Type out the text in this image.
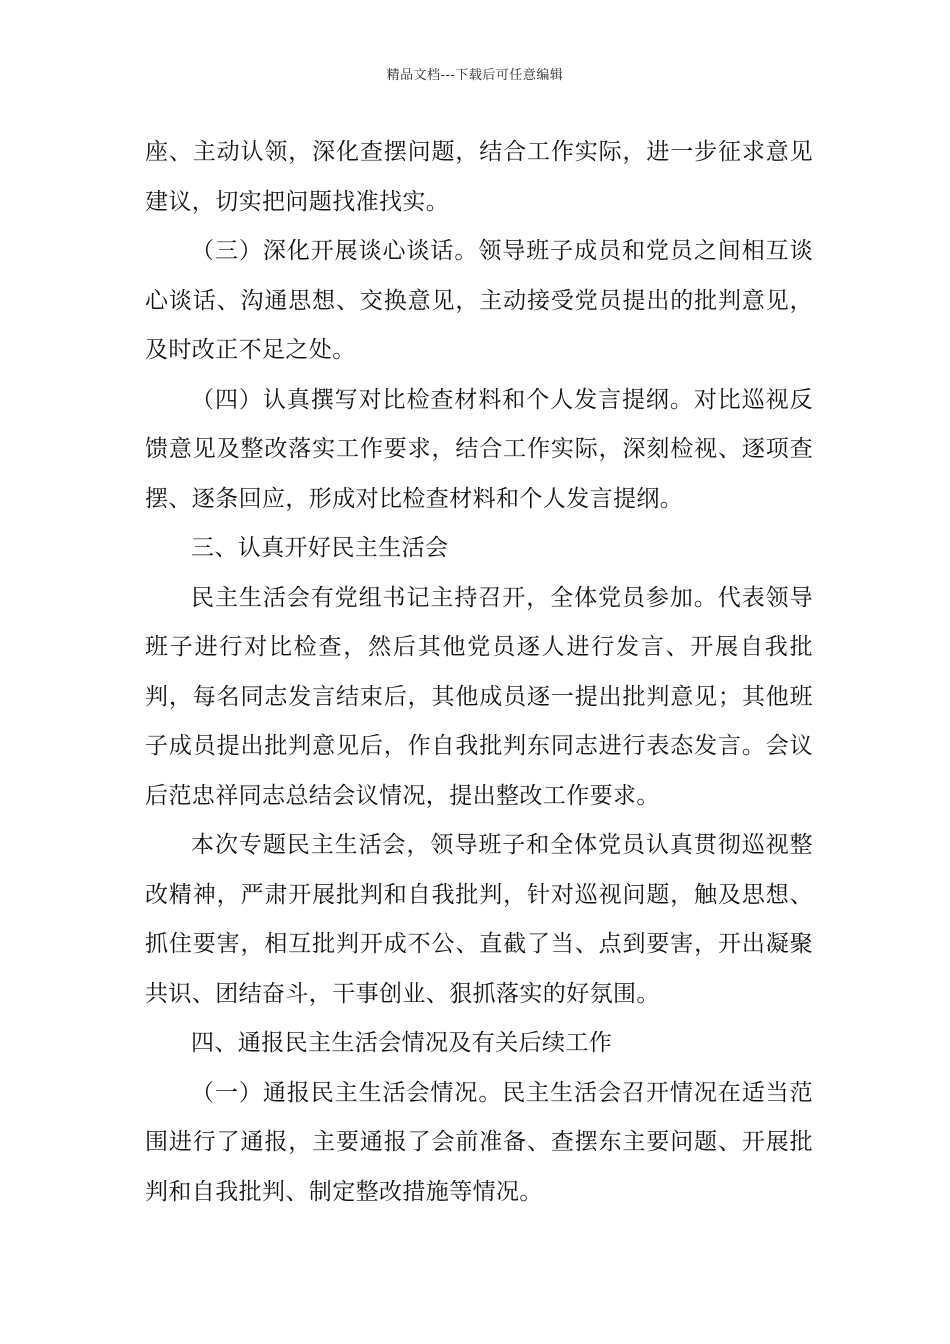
精品文档---下载后可任意编辑

座、主动认领，深化查摆问题，结合工作实际，进一步征求意见建议，切实把问题找准找实。

（三）深化开展谈心谈话。领导班子成员和党员之间相互谈心谈话、沟通思想、交换意见，主动接受党员提出的批判意见，及时改正不足之处。

（四）认真撰写对比检查材料和个人发言提纲。对比巡视反馈意见及整改落实工作要求，结合工作实际，深刻检视、逐项查摆、逐条回应，形成对比检查材料和个人发言提纲。

三、认真开好民主生活会

民主生活会有党组书记主持召开，全体党员参加。代表领导班子进行对比检查，然后其他党员逐人进行发言、开展自我批判，每名同志发言结束后，其他成员逐一提出批判意见；其他班子成员提出批判意见后，作自我批判东同志进行表态发言。会议后范忠祥同志总结会议情况，提出整改工作要求。

本次专题民主生活会，领导班子和全体党员认真贯彻巡视整改精神，严肃开展批判和自我批判，针对巡视问题，触及思想、抓住要害，相互批判开成不公、直截了当、点到要害，开出凝聚共识、团结奋斗，干事创业、狠抓落实的好氛围。

四、通报民主生活会情况及有关后续工作

（一）通报民主生活会情况。民主生活会召开情况在适当范围进行了通报，主要通报了会前准备、查摆东主要问题、开展批判和自我批判、制定整改措施等情况。
